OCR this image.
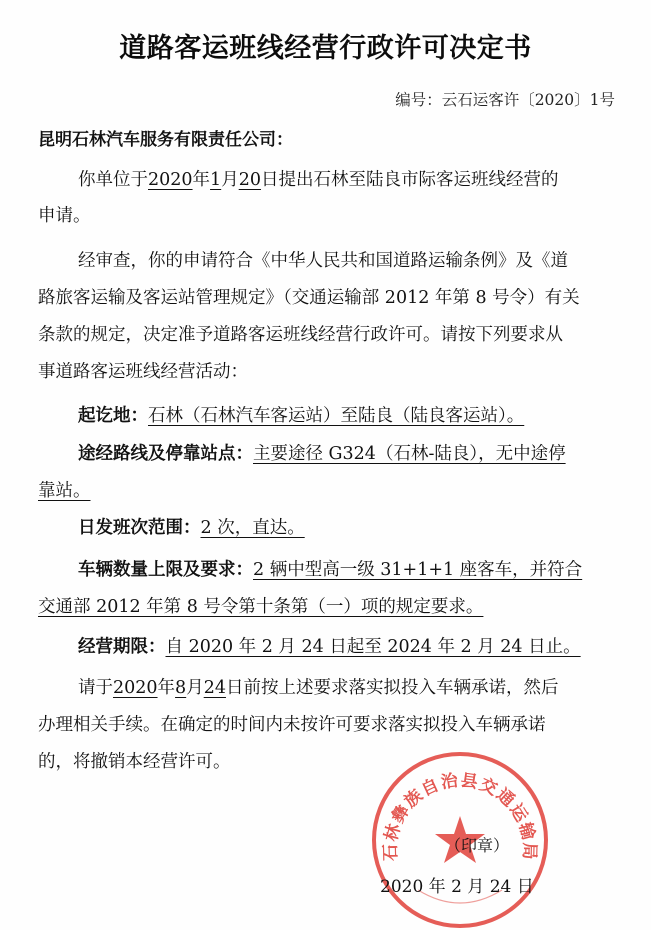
道路客运班线经营行政许可决定书
编号：云石运客许〔2020〕1号
昆明石林汽车服务有限责任公司：
你单位于2020年1月20日提出石林至陆良市际客运班线经营的
申请。
经审查，你的申请符合《中华人民共和国道路运输条例》及《道
路旅客运输及客运站管理规定》（交通运输部 2012 年第 8 号令）有关
条款的规定，决定准予道路客运班线经营行政许可。请按下列要求从
事道路客运班线经营活动：
起讫地：石林（石林汽车客运站）至陆良（陆良客运站）。
途经路线及停靠站点：主要途径 G324（石林-陆良），无中途停
靠站。
日发班次范围：2 次，直达。
车辆数量上限及要求：2 辆中型高一级 31+1+1 座客车，并符合
交通部 2012 年第 8 号令第十条第（一）项的规定要求。
经营期限：自 2020 年 2 月 24 日起至 2024 年 2 月 24 日止。
请于2020年8月24日前按上述要求落实拟投入车辆承诺，然后
办理相关手续。在确定的时间内未按许可要求落实拟投入车辆承诺
的，将撤销本经营许可。
石林彝族自治县交通运输局
（印章）
2020 年 2 月 24 日
